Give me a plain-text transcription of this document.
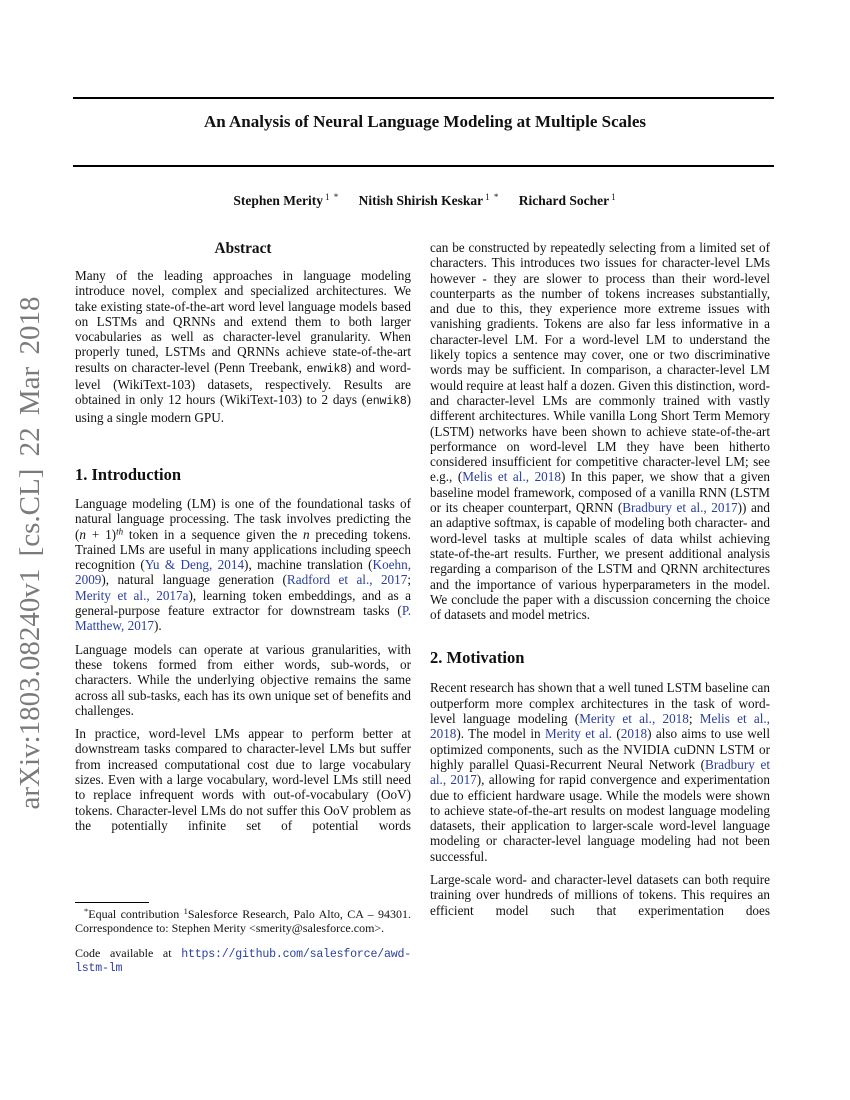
arXiv:1803.08240v1 [cs.CL] 22 Mar 2018
An Analysis of Neural Language Modeling at Multiple Scales
Stephen Merity $^{1 *}$ Nitish Shirish Keskar $^{1 *}$ Richard Socher $^1$
Abstract

Many of the leading approaches in language modeling introduce novel, complex and specialized architectures. We take existing state-of-the-art word level language models based on LSTMs and QRNNs and extend them to both larger vocabularies as well as character-level granularity. When properly tuned, LSTMs and QRNNs achieve state-of-the-art results on character-level (Penn Treebank, enwik8) and word-level (WikiText-103) datasets, respectively. Results are obtained in only 12 hours (WikiText-103) to 2 days (enwik8) using a single modern GPU.

1. Introduction

Language modeling (LM) is one of the foundational tasks of natural language processing. The task involves predicting the $(n + 1)^{th}$ token in a sequence given the n preceding tokens. Trained LMs are useful in many applications including speech recognition (Yu & Deng, 2014), machine translation (Koehn, 2009), natural language generation (Radford et al., 2017; Merity et al., 2017a), learning token embeddings, and as a general-purpose feature extractor for downstream tasks (P. Matthew, 2017).

Language models can operate at various granularities, with these tokens formed from either words, sub-words, or characters. While the underlying objective remains the same across all sub-tasks, each has its own unique set of benefits and challenges.

In practice, word-level LMs appear to perform better at downstream tasks compared to character-level LMs but suffer from increased computational cost due to large vocabulary sizes. Even with a large vocabulary, word-level LMs still need to replace infrequent words with out-of-vocabulary (OoV) tokens. Character-level LMs do not suffer this OoV problem as the potentially infinite set of potential words

can be constructed by repeatedly selecting from a limited set of characters. This introduces two issues for character-level LMs however - they are slower to process than their word-level counterparts as the number of tokens increases substantially, and due to this, they experience more extreme issues with vanishing gradients. Tokens are also far less informative in a character-level LM. For a word-level LM to understand the likely topics a sentence may cover, one or two discriminative words may be sufficient. In comparison, a character-level LM would require at least half a dozen. Given this distinction, word- and character-level LMs are commonly trained with vastly different architectures. While vanilla Long Short Term Memory (LSTM) networks have been shown to achieve state-of-the-art performance on word-level LM they have been hitherto considered insufficient for competitive character-level LM; see e.g., (Melis et al., 2018) In this paper, we show that a given baseline model framework, composed of a vanilla RNN (LSTM or its cheaper counterpart, QRNN (Bradbury et al., 2017)) and an adaptive softmax, is capable of modeling both character- and word-level tasks at multiple scales of data whilst achieving state-of-the-art results. Further, we present additional analysis regarding a comparison of the LSTM and QRNN architectures and the importance of various hyperparameters in the model. We conclude the paper with a discussion concerning the choice of datasets and model metrics.

2. Motivation

Recent research has shown that a well tuned LSTM baseline can outperform more complex architectures in the task of word-level language modeling (Merity et al., 2018; Melis et al., 2018). The model in Merity et al. (2018) also aims to use well optimized components, such as the NVIDIA cuDNN LSTM or highly parallel Quasi-Recurrent Neural Network (Bradbury et al., 2017), allowing for rapid convergence and experimentation due to efficient hardware usage. While the models were shown to achieve state-of-the-art results on modest language modeling datasets, their application to larger-scale word-level language modeling or character-level language modeling had not been successful.

Large-scale word- and character-level datasets can both require training over hundreds of millions of tokens. This requires an efficient model such that experimentation does

*Equal contribution $^1$Salesforce Research, Palo Alto, CA – 94301. Correspondence to: Stephen Merity <smerity@salesforce.com>.

Code available at https://github.com/salesforce/awd-lstm-lm
